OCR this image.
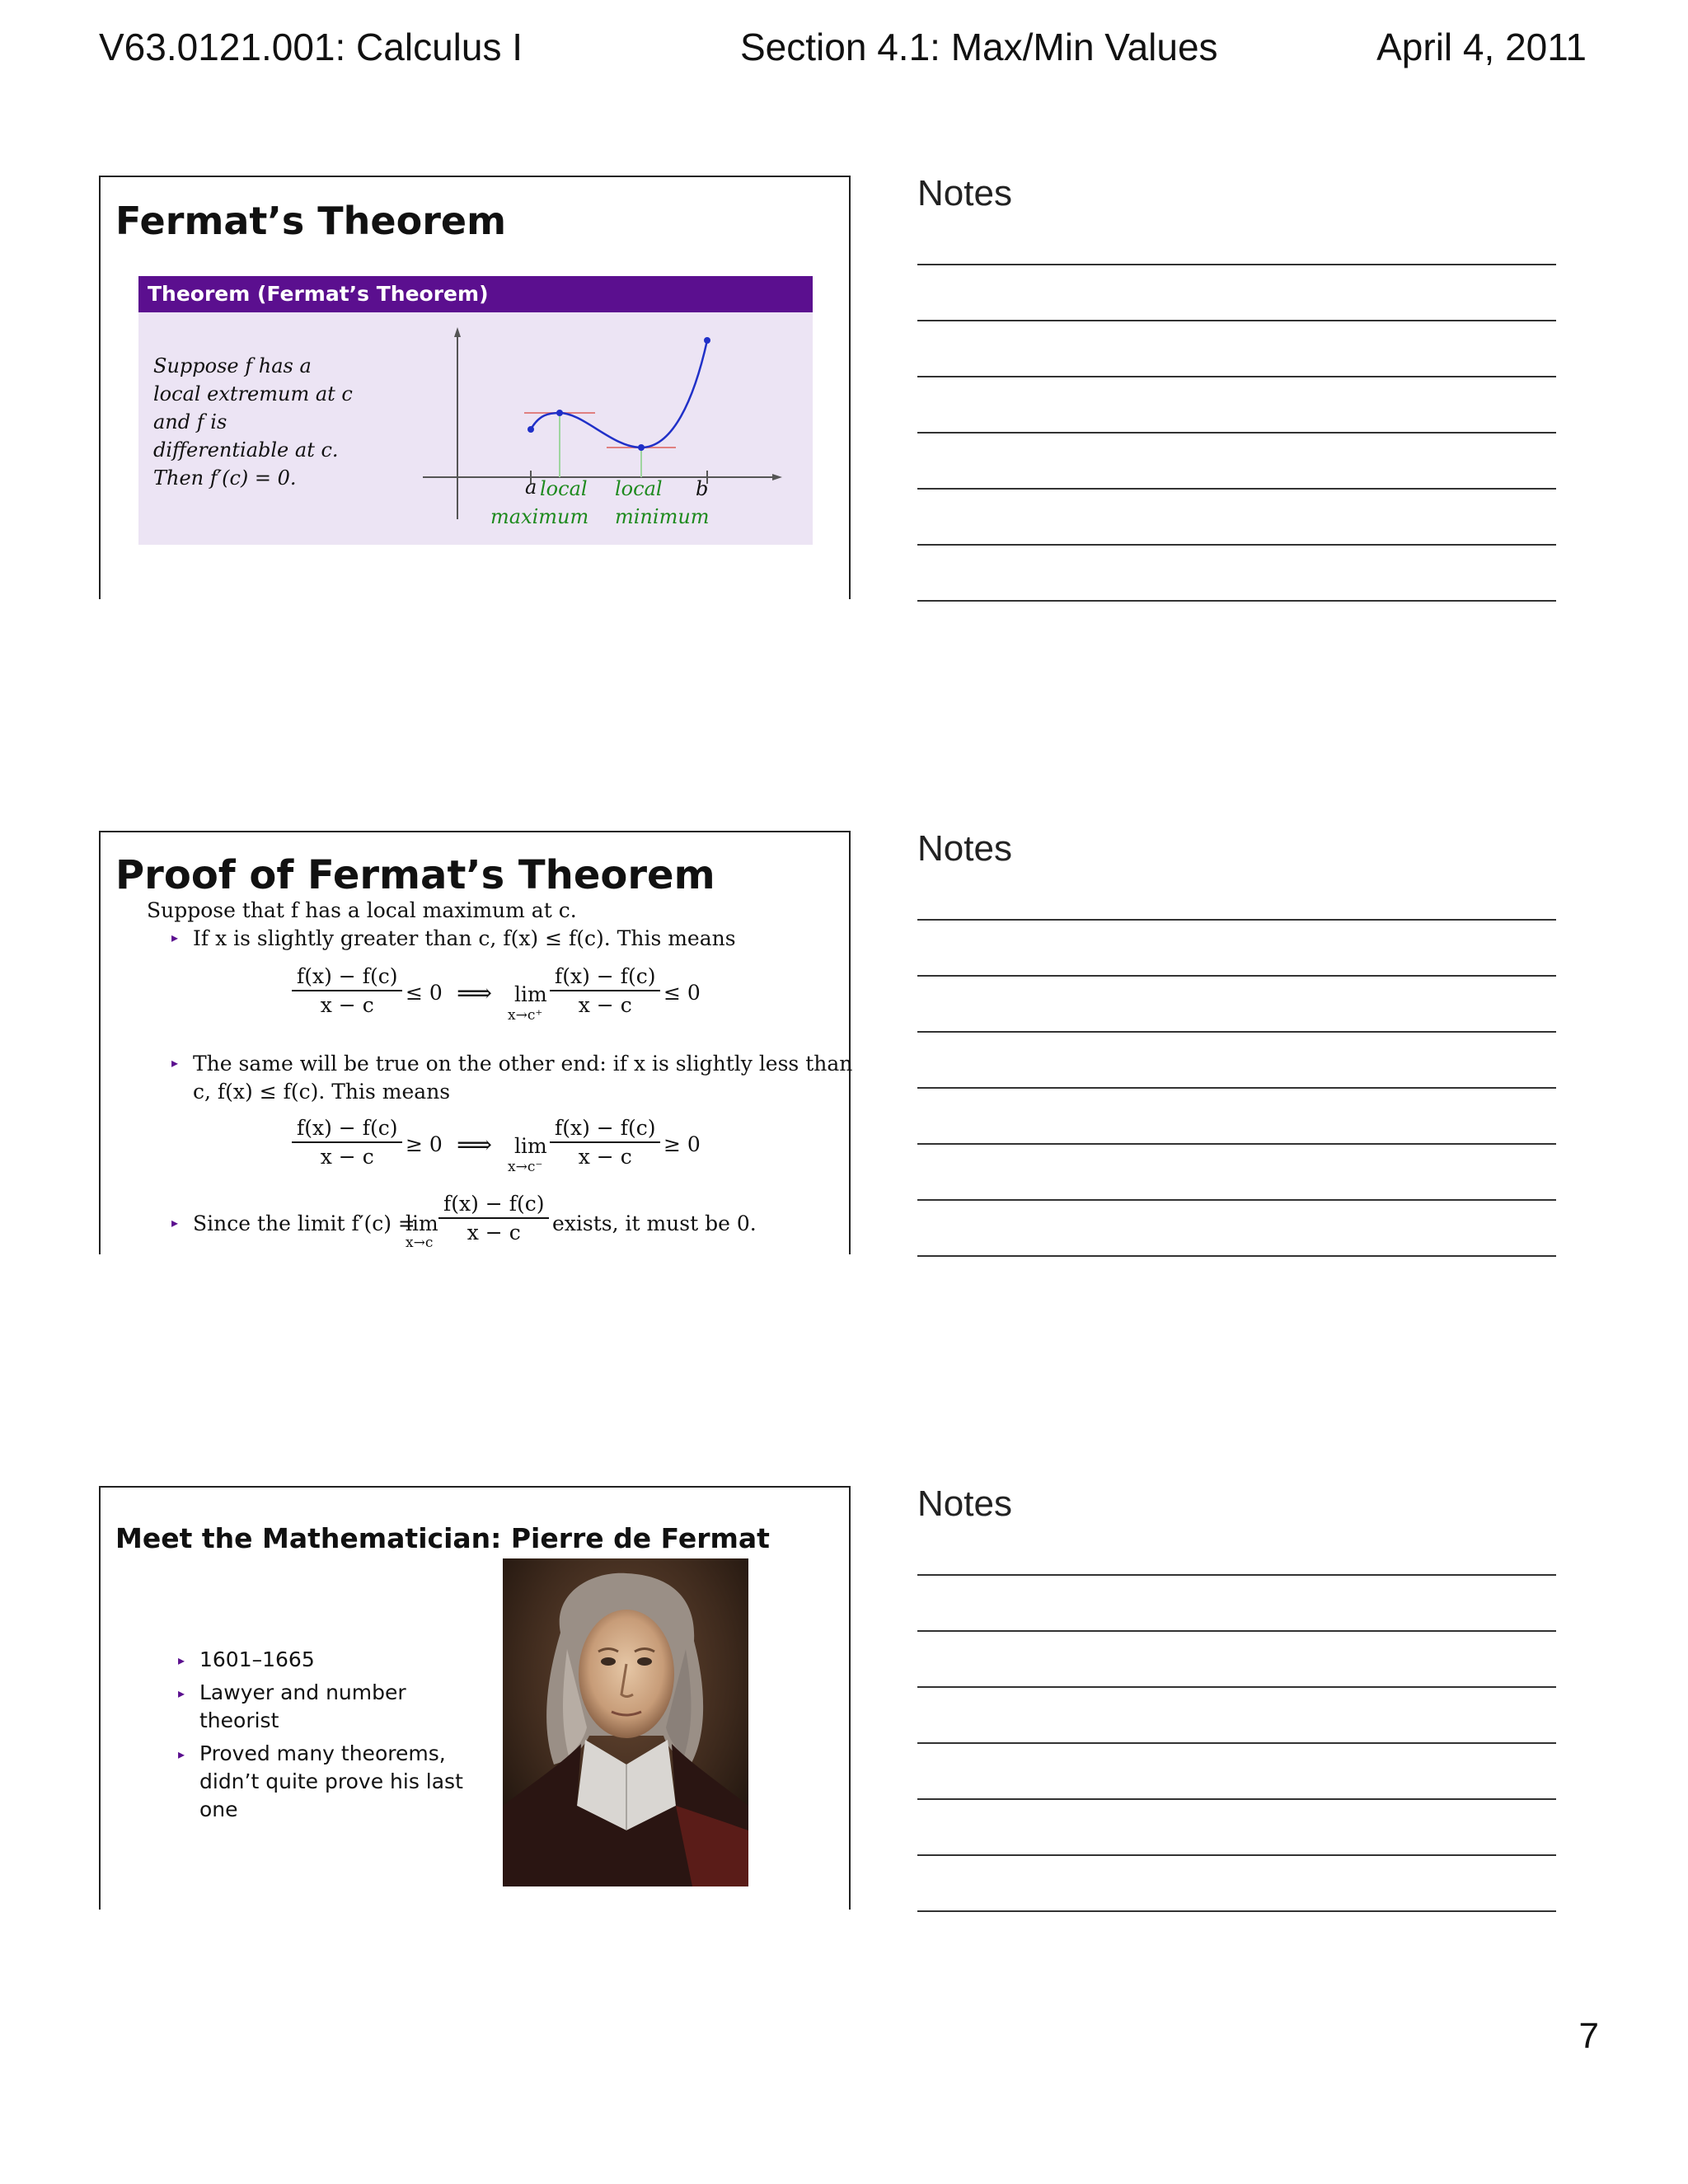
V63.0121.001: Calculus I	Section 4.1: Max/Min Values	April 4, 2011
Fermat’s Theorem
Theorem (Fermat’s Theorem)
Suppose f has a
local extremum at c
and f is
differentiable at c.
Then f′(c) = 0.	a	b
local
maximum
local
minimum
Notes
Proof of Fermat’s Theorem
Suppose that f has a local maximum at c.
▸ If x is slightly greater than c, f(x) ≤ f(c). This means
$\frac{f(x) - f(c)}{x - c} \le 0$ ⟹ lim
$x\to c^+ \frac{f(x) - f(c)}{x - c} \le 0$
▸ The same will be true on the other end: if x is slightly less than
c, f(x) ≤ f(c). This means
$\frac{f(x) - f(c)}{x - c} \ge 0$ ⟹ lim
$x\to c^- \frac{f(x) - f(c)}{x - c} \ge 0$
▸ Since the limit f′(c) =
lim
$x\to c \frac{f(x) - f(c)}{x - c}$ exists, it must be 0.
Notes
Meet the Mathematician: Pierre de Fermat
▸ 1601–1665
▸ Lawyer and number
theorist
▸ Proved many theorems,
didn’t quite prove his last
one
Notes
7
